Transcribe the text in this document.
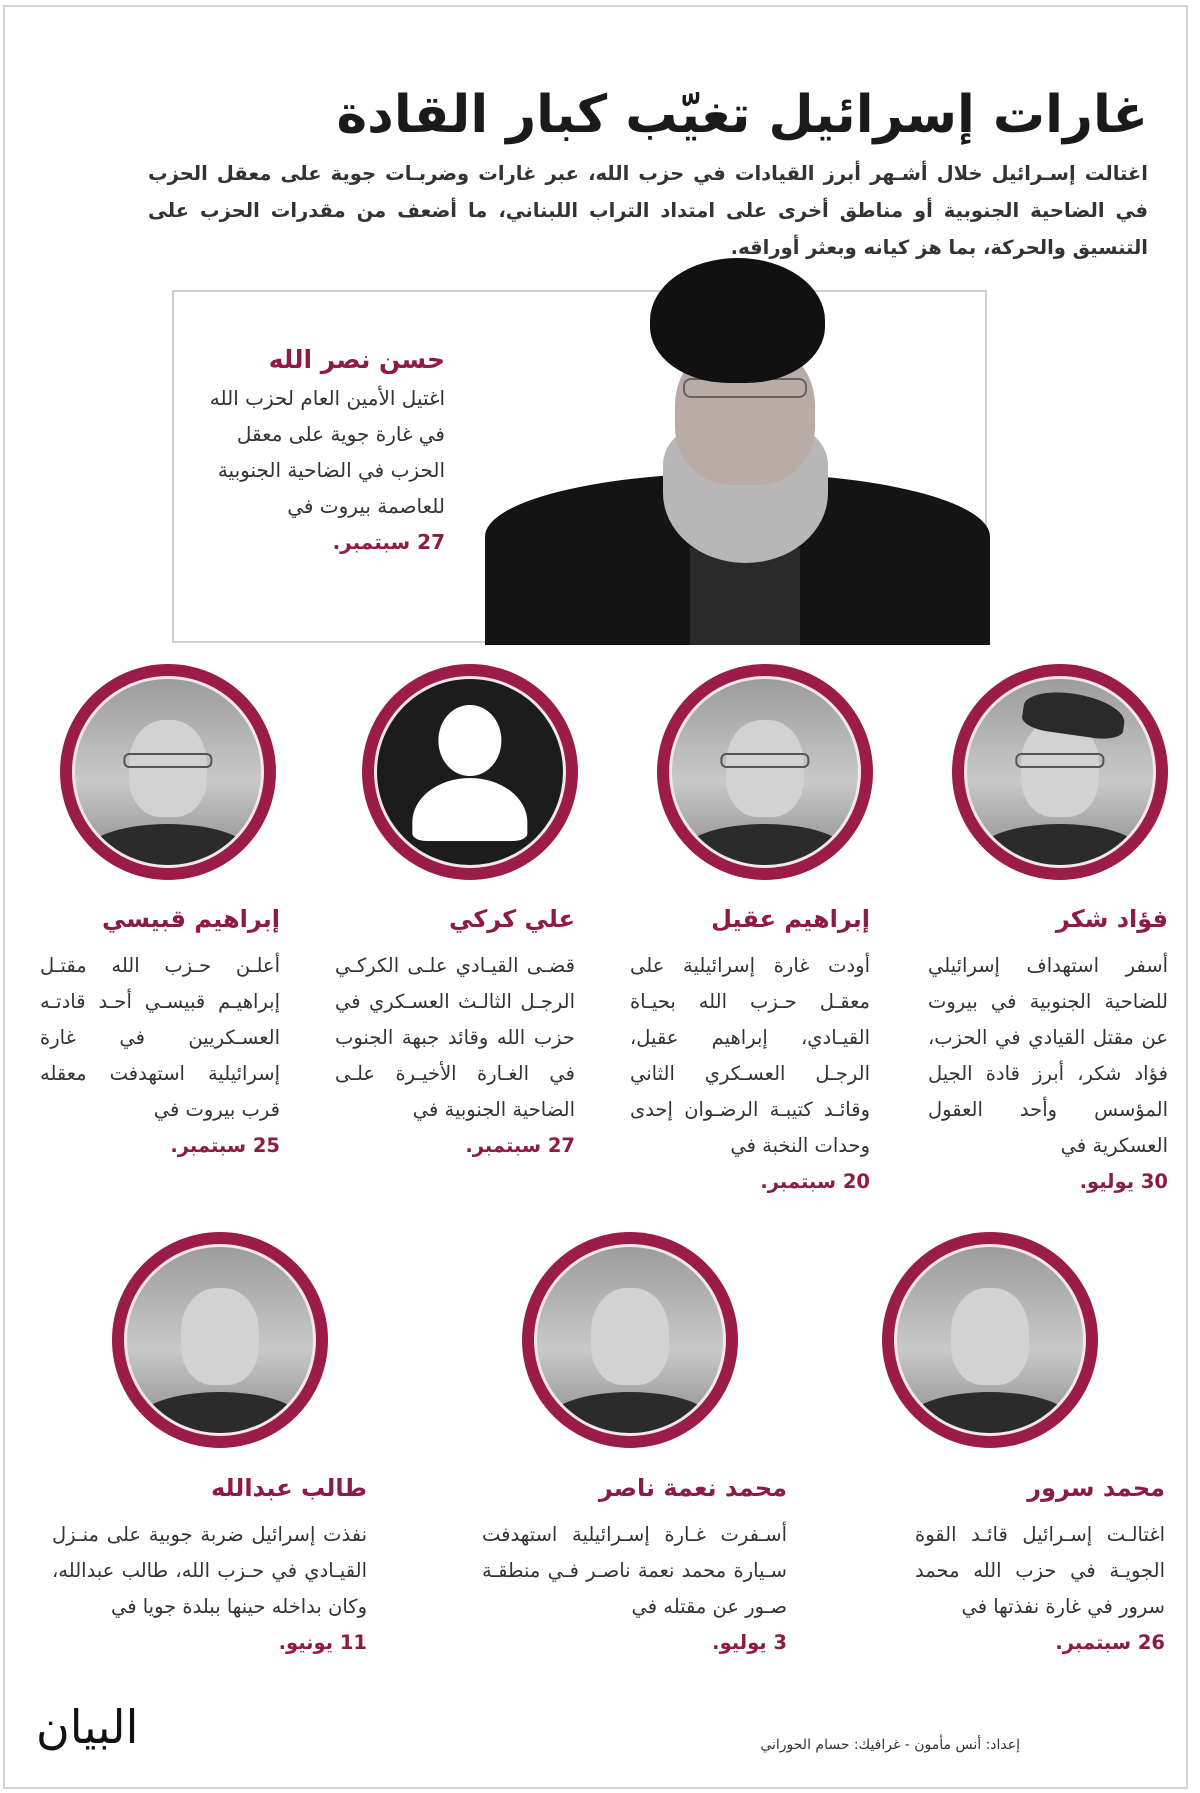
غارات إسرائيل تغيّب كبار القادة

اغتالت إسـرائيل خلال أشـهر أبرز القيادات في حزب الله، عبر غارات وضربـات جوية على معقل الحزب في الضاحية الجنوبية أو مناطق أخرى على امتداد التراب اللبناني، ما أضعف من مقدرات الحزب على التنسيق والحركة، بما هز كيانه وبعثر أوراقه.

حسن نصر الله
اغتيل الأمين العام لحزب الله في غارة جوية على معقل الحزب في الضاحية الجنوبية للعاصمة بيروت في
27 سبتمبر.
فؤاد شكر
أسفر استهداف إسرائيلي للضاحية الجنوبية في بيروت عن مقتل القيادي في الحزب، فؤاد شكر، أبرز قادة الجيل المؤسس وأحد العقول العسكرية في
30 يوليو.
إبراهيم عقيل
أودت غارة إسرائيلية على معقـل حـزب الله بحيـاة القيـادي، إبراهيم عقيل، الرجـل العسـكري الثاني وقائـد كتيبـة الرضـوان إحدى وحدات النخبة في
20 سبتمبر.
علي كركي
قضـى القيـادي علـى الكركـي الرجـل الثالـث العسـكري في حزب الله وقائد جبهة الجنوب في الغـارة الأخيـرة علـى الضاحية الجنوبية في
27 سبتمبر.
إبراهيم قبيسي
أعلـن حـزب الله مقتـل إبراهيـم قبيسـي أحـد قادتـه العسـكريين في غارة إسرائيلية استهدفت معقله قرب بيروت في
25 سبتمبر.
محمد سرور
اغتالـت إسـرائيل قائـد القوة الجويـة في حزب الله محمد سرور في غارة نفذتها في
26 سبتمبر.
محمد نعمة ناصر
أسـفرت غـارة إسـرائيلية استهدفت سـيارة محمد نعمة ناصـر فـي منطقـة صـور عن مقتله في
3 يوليو.
طالب عبدالله
نفذت إسرائيل ضربة جوبية على منـزل القيـادي في حـزب الله، طالب عبدالله، وكان بداخله حينها ببلدة جويا في
11 يونيو.
البيان	إعداد: أنس مأمون - غرافيك: حسام الحوراني
